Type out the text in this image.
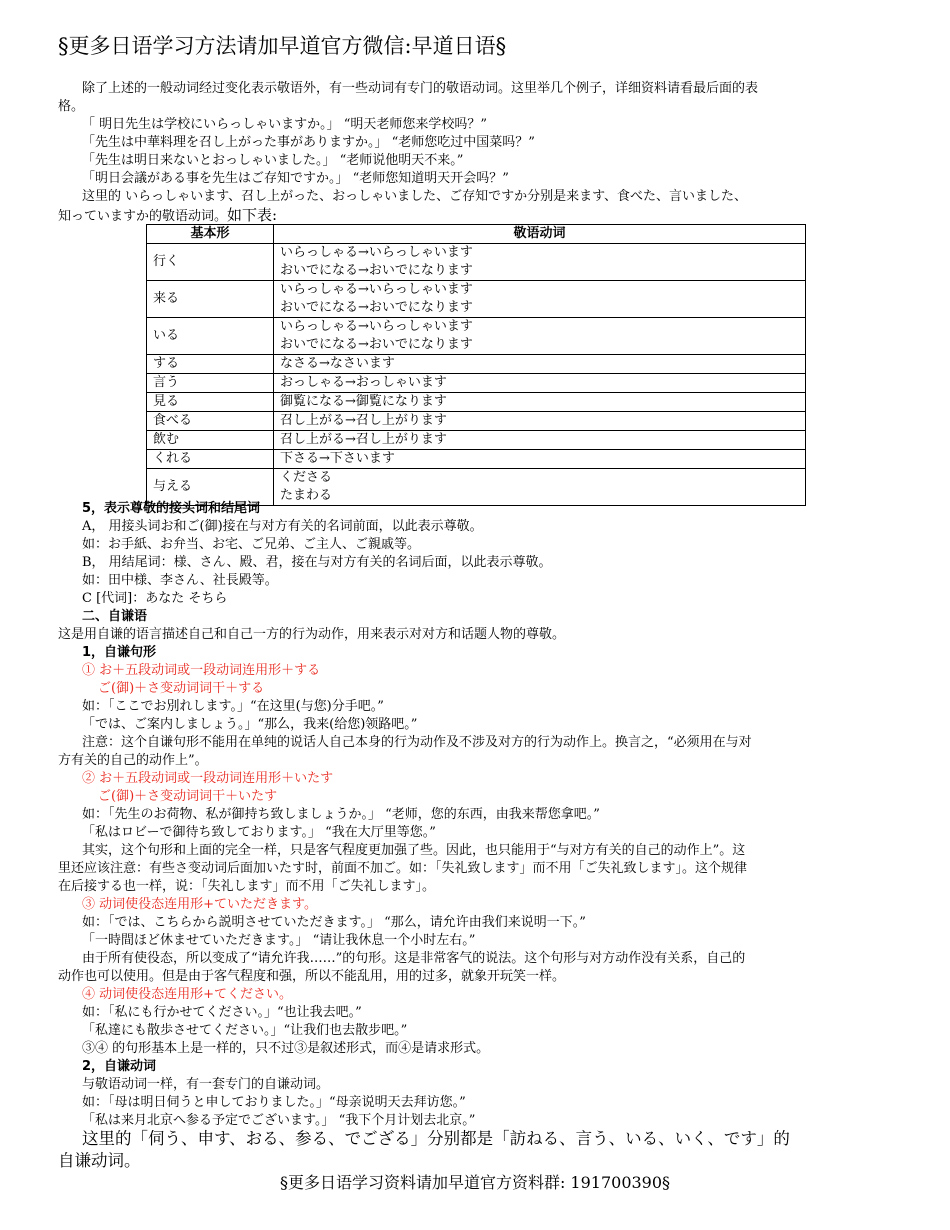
§更多日语学习方法请加早道官方微信:早道日语§
除了上述的一般动词经过变化表示敬语外，有一些动词有专门的敬语动词。这里举几个例子，详细资料请看最后面的表
格。
「 明日先生は学校にいらっしゃいますか。」 “明天老师您来学校吗？”
「先生は中華料理を召し上がった事がありますか。」 “老师您吃过中国菜吗？”
「先生は明日来ないとおっしゃいました。」 “老师说他明天不来。”
「明日会議がある事を先生はご存知ですか。」 “老师您知道明天开会吗？”
这里的 いらっしゃいます、召し上がった、おっしゃいました、ご存知ですか分别是来ます、食べた、言いました、
知っていますか的敬语动词。如下表:
基本形	敬语动词
行く	いらっしゃる→いらっしゃいます
おいでになる→おいでになります

来る	いらっしゃる→いらっしゃいます
おいでになる→おいでになります

いる	いらっしゃる→いらっしゃいます
おいでになる→おいでになります

する	なさる→なさいます
言う	おっしゃる→おっしゃいます
見る	御覧になる→御覧になります
食べる	召し上がる→召し上がります
飲む	召し上がる→召し上がります
くれる	下さる→下さいます
与える	くださる
たまわる
5，表示尊敬的接头词和结尾词
A， 用接头词お和ご(御)接在与对方有关的名词前面，以此表示尊敬。
如：お手紙、お弁当、お宅、ご兄弟、ご主人、ご親戚等。
B， 用结尾词：様、さん、殿、君，接在与对方有关的名词后面，以此表示尊敬。
如：田中様、李さん、社長殿等。
C [代词]：あなた そちら
二、自谦语
这是用自谦的语言描述自己和自己一方的行为动作，用来表示对对方和话题人物的尊敬。
1，自谦句形
① お＋五段动词或一段动词连用形＋する
ご(御)＋さ变动词词干＋する
如：「ここでお別れします。」“在这里(与您)分手吧。”
「では、ご案内しましょう。」“那么，我来(给您)领路吧。”
注意：这个自谦句形不能用在单纯的说话人自己本身的行为动作及不涉及对方的行为动作上。换言之，“必须用在与对
方有关的自己的动作上”。
② お＋五段动词或一段动词连用形＋いたす
ご(御)＋さ变动词词干＋いたす
如：「先生のお荷物、私が御持ち致しましょうか。」 “老师，您的东西，由我来帮您拿吧。”
「私はロビーで御待ち致しております。」 “我在大厅里等您。”
其实，这个句形和上面的完全一样，只是客气程度更加强了些。因此，也只能用于“与对方有关的自己的动作上”。这
里还应该注意：有些さ变动词后面加いたす时，前面不加ご。如：「失礼致します」而不用「ご失礼致します」。这个规律
在后接する也一样，说：「失礼します」而不用「ご失礼します」。
③ 动词使役态连用形+ていただきます。
如：「では、こちらから説明させていただきます。」 “那么，请允许由我们来说明一下。”
「一時間ほど休ませていただきます。」 “请让我休息一个小时左右。”
由于所有使役态，所以变成了“请允许我……”的句形。这是非常客气的说法。这个句形与对方动作没有关系，自己的
动作也可以使用。但是由于客气程度和强，所以不能乱用，用的过多，就象开玩笑一样。
④ 动词使役态连用形+てください。
如：「私にも行かせてください。」“也让我去吧。”
「私達にも散歩させてください。」“让我们也去散步吧。”
③④ 的句形基本上是一样的，只不过③是叙述形式，而④是请求形式。
2，自谦动词
与敬语动词一样，有一套专门的自谦动词。
如：「母は明日伺うと申しておりました。」“母亲说明天去拜访您。”
「私は来月北京へ参る予定でございます。」 “我下个月计划去北京。”
这里的「伺う、申す、おる、参る、でござる」分别都是「訪ねる、言う、いる、いく、です」的
自谦动词。
§更多日语学习资料请加早道官方资料群: 191700390§
